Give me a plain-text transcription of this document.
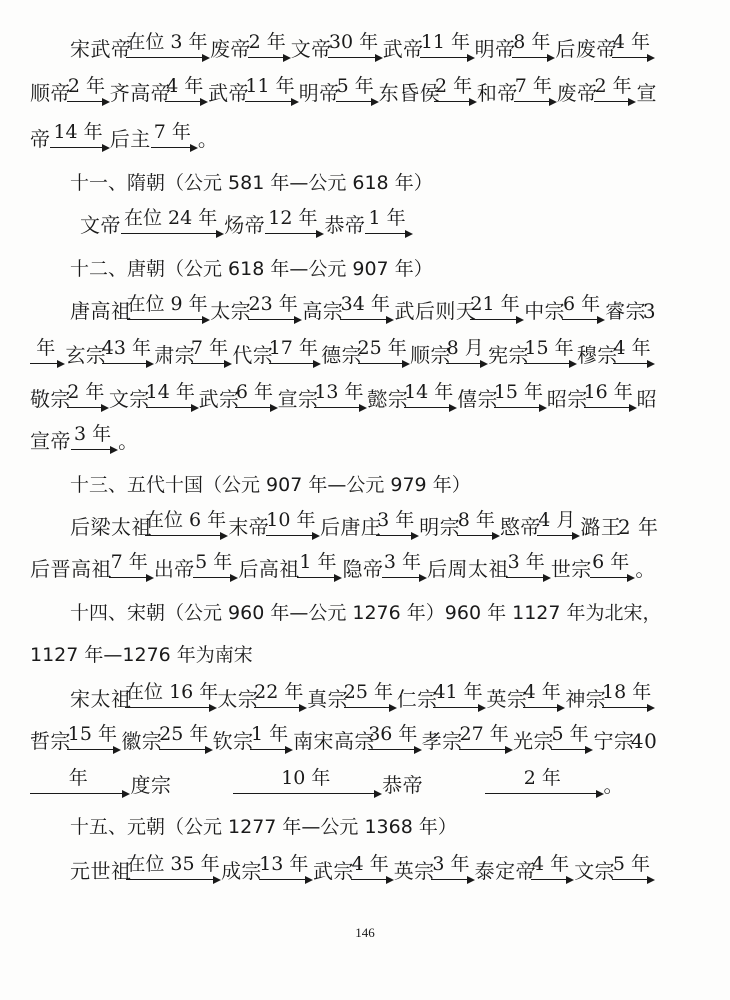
宋武帝
在位 3 年 废帝
2 年 文帝
30 年 武帝
11 年 明帝
8 年 后废帝
4 年
顺帝
2 年 齐高帝
4 年 武帝
11 年 明帝
5 年 东昏侯
2 年 和帝
7 年 废帝
2 年 宣
帝 14 年 后主 7 年 。
十一、隋朝（公元 581 年—公元 618 年）
文帝 在位 24 年 炀帝 12 年 恭帝 1 年
十二、唐朝（公元 618 年—公元 907 年）
唐高祖
在位 9 年 太宗
23 年 高宗
34 年 武后则天
21 年 中宗
6 年 睿宗
3
年 玄宗
43 年 肃宗
7 年 代宗
17 年 德宗
25 年 顺宗
8 月 宪宗
15 年 穆宗
4 年
敬宗
2 年 文宗
14 年 武宗
6 年 宣宗
13 年 懿宗
14 年 僖宗
15 年 昭宗
16 年 昭
宣帝 3 年 。
十三、五代十国（公元 907 年—公元 979 年）
后梁太祖
在位 6 年 末帝
10 年 后唐庄
3 年 明宗
8 年 愍帝
4 月 潞王
2 年
后晋高祖
7 年 出帝 5 年 后高祖 1 年 隐帝 3 年 后周太祖
3 年 世宗 6 年 。
十四、宋朝（公元 960 年—公元 1276 年）960 年 1127 年为北宋，
1127 年—1276 年为南宋
宋太祖
在位 16 年 太宗
22 年 真宗
25 年 仁宗
41 年 英宗
4 年 神宗
18 年
哲宗
15 年 徽宗
25 年 钦宗
1 年 南宋高宗
36 年 孝宗
27 年 光宗
5 年 宁宗
40
年	度宗	10 年	恭帝	2 年	。
十五、元朝（公元 1277 年—公元 1368 年）
元世祖
在位 35 年 成宗
13 年 武宗
4 年 英宗
3 年 泰定帝
4 年 文宗
5 年
146
